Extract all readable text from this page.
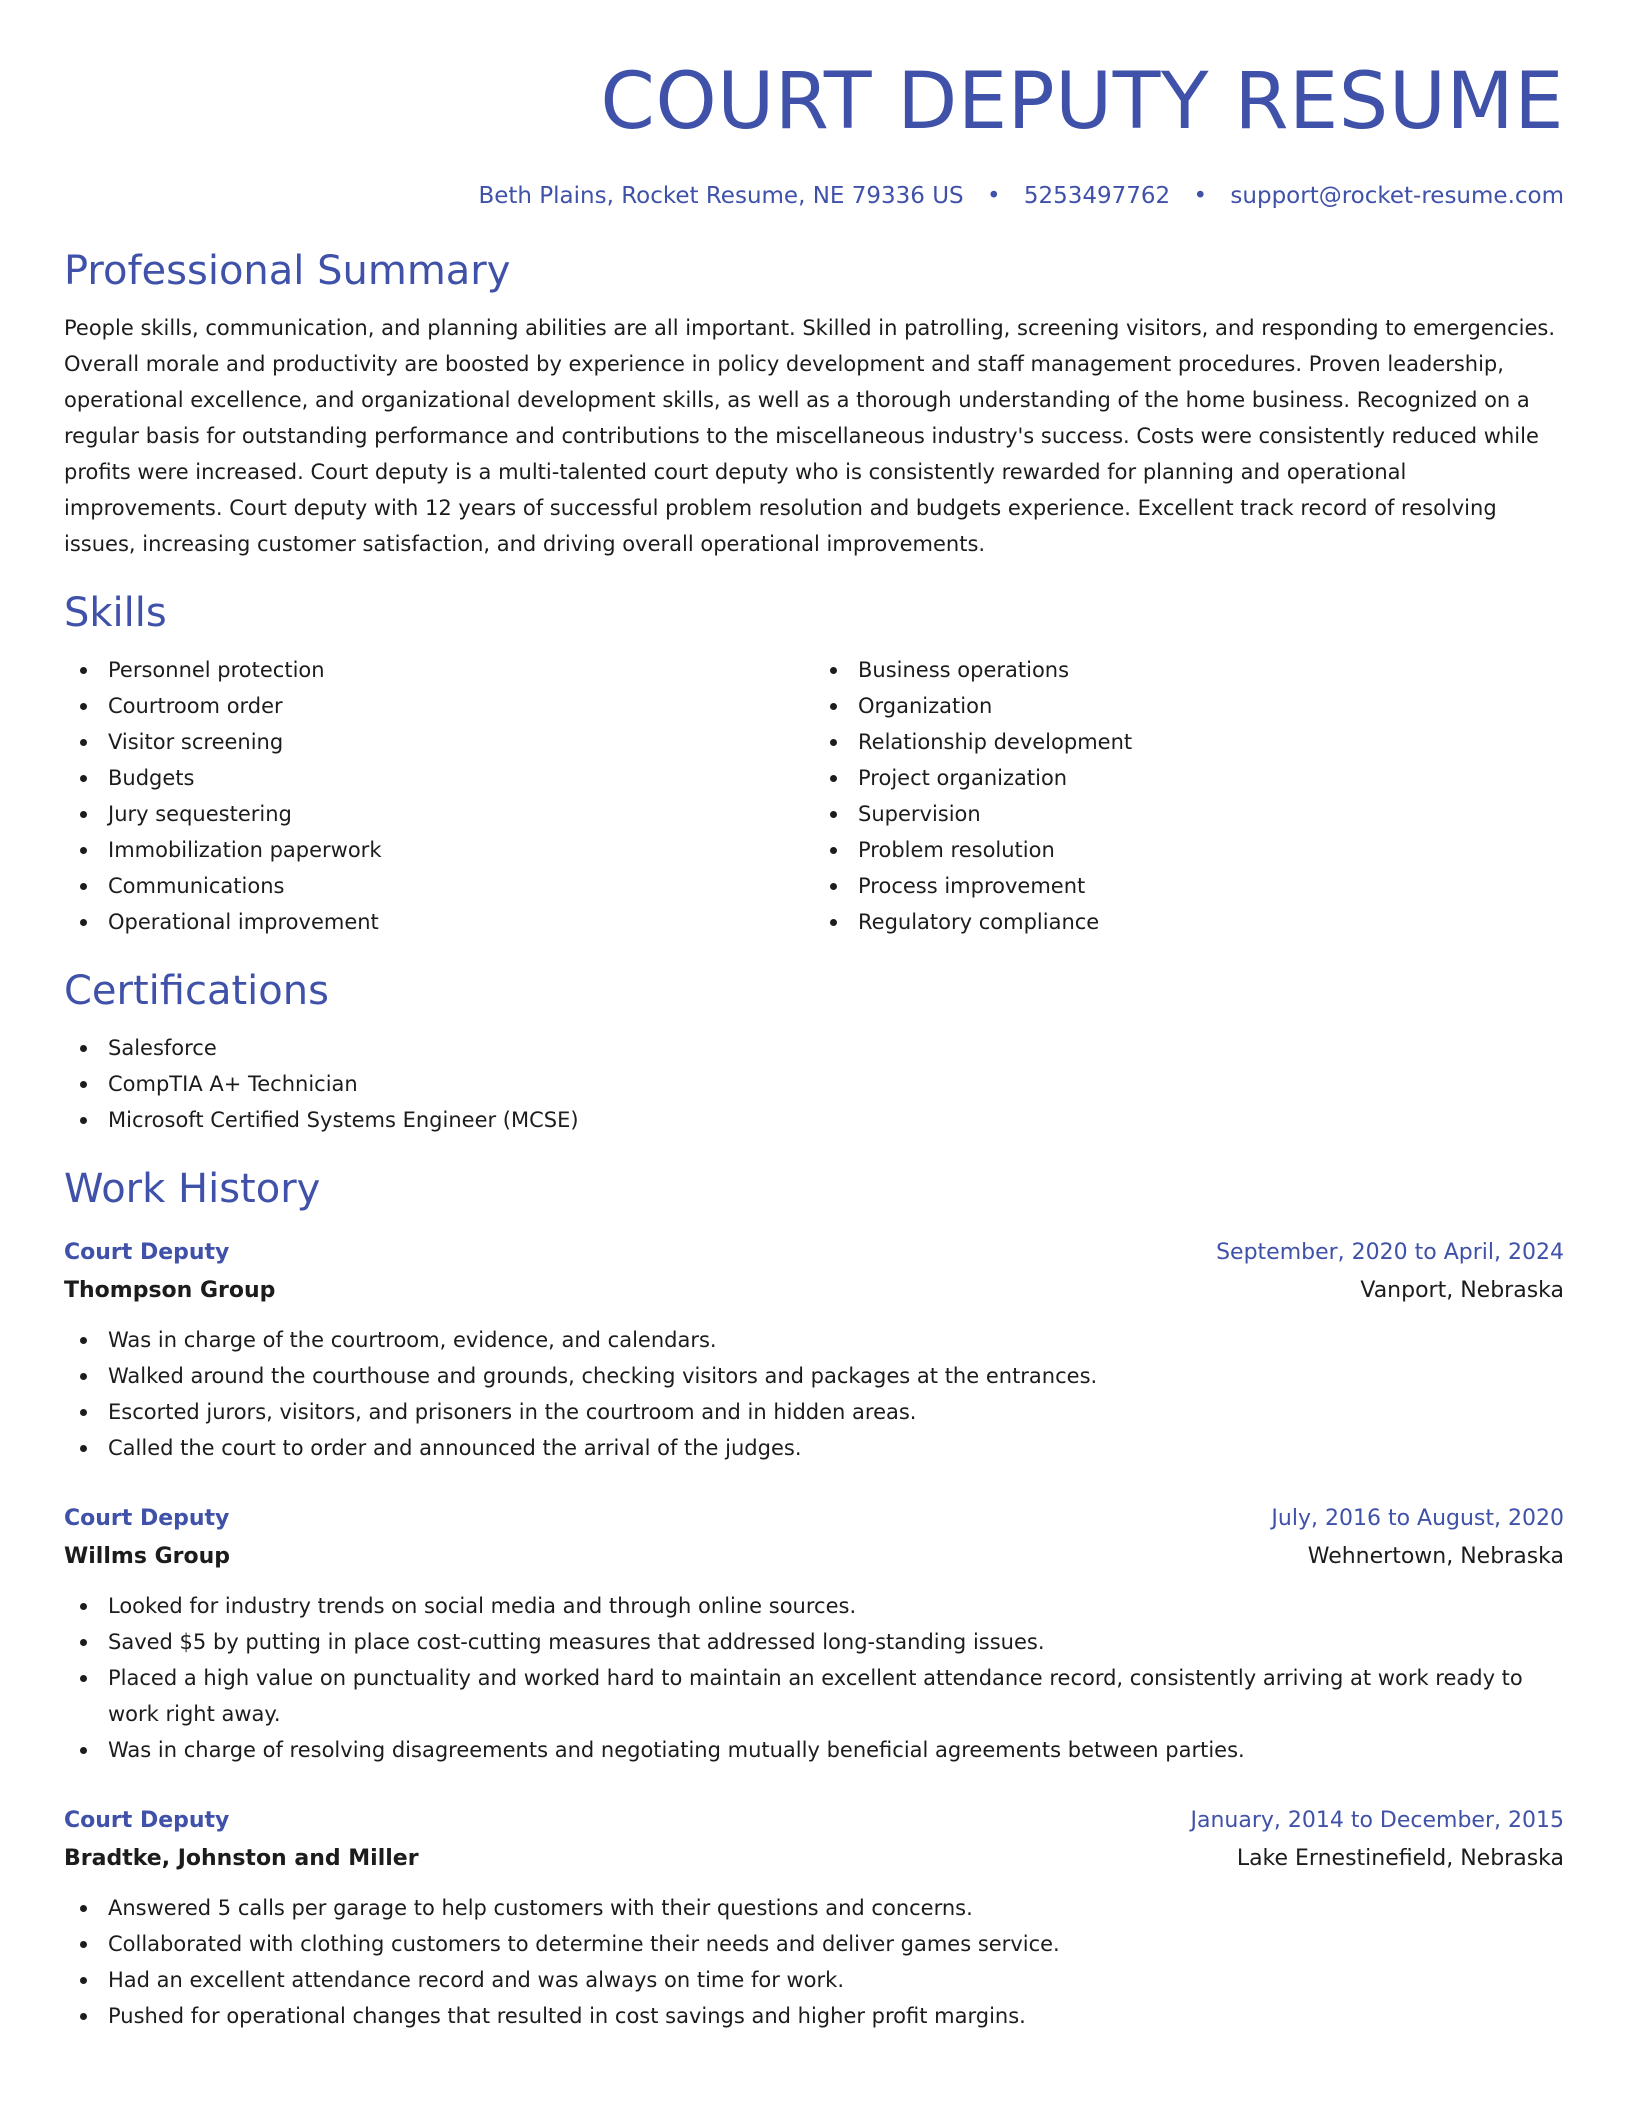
COURT DEPUTY RESUME
Beth Plains, Rocket Resume, NE 79336 US • 5253497762 • support@rocket-resume.com
Professional Summary

People skills, communication, and planning abilities are all important. Skilled in patrolling, screening visitors, and responding to emergencies. Overall morale and productivity are boosted by experience in policy development and staff management procedures. Proven leadership, operational excellence, and organizational development skills, as well as a thorough understanding of the home business. Recognized on a regular basis for outstanding performance and contributions to the miscellaneous industry's success. Costs were consistently reduced while profits were increased. Court deputy is a multi-talented court deputy who is consistently rewarded for planning and operational improvements. Court deputy with 12 years of successful problem resolution and budgets experience. Excellent track record of resolving issues, increasing customer satisfaction, and driving overall operational improvements.

Skills
Personnel protection
Courtroom order
Visitor screening
Budgets
Jury sequestering
Immobilization paperwork
Communications
Operational improvement
Business operations
Organization
Relationship development
Project organization
Supervision
Problem resolution
Process improvement
Regulatory compliance
Certifications
Salesforce
CompTIA A+ Technician
Microsoft Certified Systems Engineer (MCSE)
Work History
Court Deputy	September, 2020 to April, 2024
Thompson Group	Vanport, Nebraska
Was in charge of the courtroom, evidence, and calendars.
Walked around the courthouse and grounds, checking visitors and packages at the entrances.
Escorted jurors, visitors, and prisoners in the courtroom and in hidden areas.
Called the court to order and announced the arrival of the judges.
Court Deputy	July, 2016 to August, 2020
Willms Group	Wehnertown, Nebraska
Looked for industry trends on social media and through online sources.
Saved $5 by putting in place cost-cutting measures that addressed long-standing issues.
Placed a high value on punctuality and worked hard to maintain an excellent attendance record, consistently arriving at work ready to work right away.
Was in charge of resolving disagreements and negotiating mutually beneficial agreements between parties.
Court Deputy	January, 2014 to December, 2015
Bradtke, Johnston and Miller	Lake Ernestinefield, Nebraska
Answered 5 calls per garage to help customers with their questions and concerns.
Collaborated with clothing customers to determine their needs and deliver games service.
Had an excellent attendance record and was always on time for work.
Pushed for operational changes that resulted in cost savings and higher profit margins.
